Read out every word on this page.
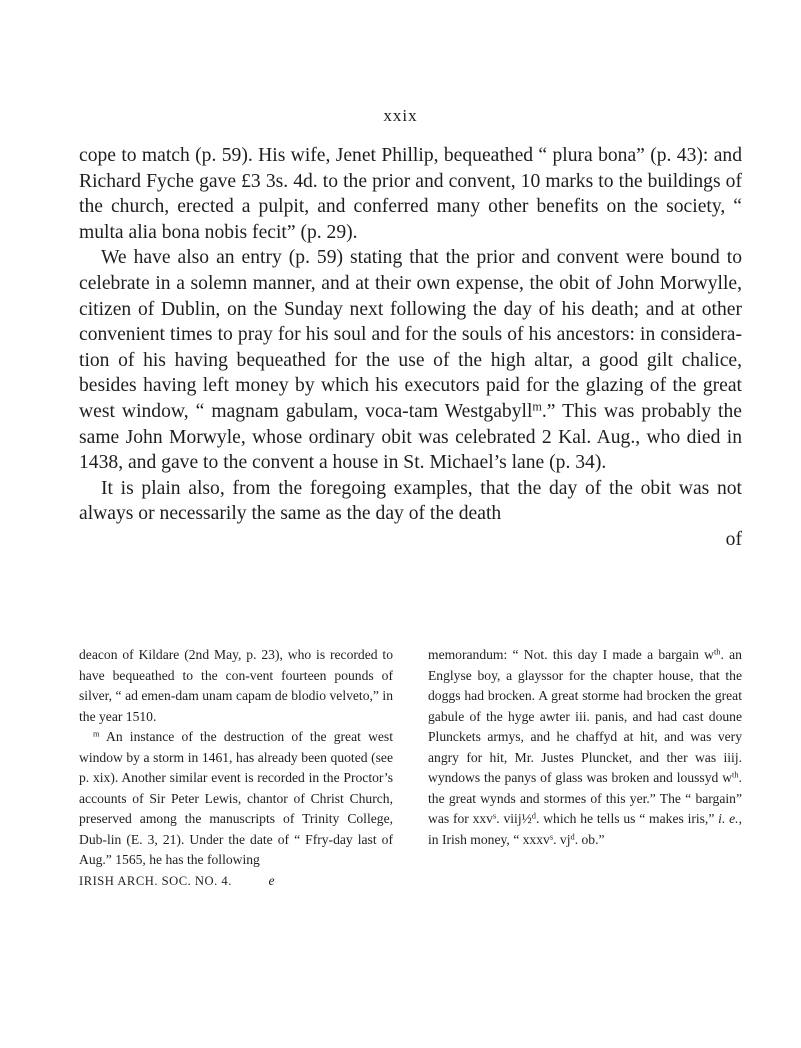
xxix

cope to match (p. 59). His wife, Jenet Phillip, bequeathed “ plura bona” (p. 43): and Richard Fyche gave £3 3s. 4d. to the prior and convent, 10 marks to the buildings of the church, erected a pulpit, and conferred many other benefits on the society, “ multa alia bona nobis fecit” (p. 29).

We have also an entry (p. 59) stating that the prior and convent were bound to celebrate in a solemn manner, and at their own expense, the obit of John Morwylle, citizen of Dublin, on the Sunday next following the day of his death; and at other convenient times to pray for his soul and for the souls of his ancestors: in considera-tion of his having bequeathed for the use of the high altar, a good gilt chalice, besides having left money by which his executors paid for the glazing of the great west window, “ magnam gabulam, voca-tam Westgabyll$^m$.” This was probably the same John Morwyle, whose ordinary obit was celebrated 2 Kal. Aug., who died in 1438, and gave to the convent a house in St. Michael’s lane (p. 34).

It is plain also, from the foregoing examples, that the day of the obit was not always or necessarily the same as the day of the death

of

deacon of Kildare (2nd May, p. 23), who is recorded to have bequeathed to the con-vent fourteen pounds of silver, “ ad emen-dam unam capam de blodio velveto,” in the year 1510.

$^m$ An instance of the destruction of the great west window by a storm in 1461, has already been quoted (see p. xix). Another similar event is recorded in the Proctor’s accounts of Sir Peter Lewis, chantor of Christ Church, preserved among the manuscripts of Trinity College, Dub-lin (E. 3, 21). Under the date of “ Ffry-day last of Aug.” 1565, he has the following

IRISH ARCH. SOC. NO. 4.	e

memorandum: “ Not. this day I made a bargain $w^{th}$. an Englyse boy, a glayssor for the chapter house, that the doggs had brocken. A great storme had brocken the great gabule of the hyge awter iii. panis, and had cast doune Plunckets armys, and he chaffyd at hit, and was very angry for hit, Mr. Justes Pluncket, and ther was iiij. wyndows the panys of glass was broken and loussyd $w^{th}$. the great wynds and stormes of this yer.” The “ bargain” was for xxv$^s$. viij½$^d$. which he tells us “ makes iris,” i. e., in Irish money, “ xxxv$^s$. $vj^d$. ob.”
